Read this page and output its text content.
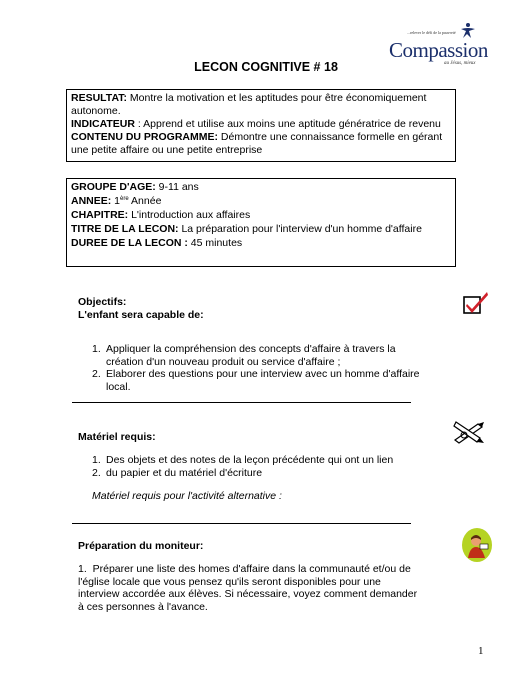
...relever le défi de la pauvreté
Compassion
au Jésus, mieux
LECON COGNITIVE # 18

RESULTAT: Montre la motivation et les aptitudes pour être économiquement autonome.

INDICATEUR : Apprend et utilise aux moins une aptitude génératrice de revenu

CONTENU DU PROGRAMME: Démontre une connaissance formelle en gérant une petite affaire ou une petite entreprise

GROUPE D'AGE: 9-11 ans

ANNEE: 1ère Année

CHAPITRE: L'introduction aux affaires

TITRE DE LA LECON: La préparation pour l'interview d'un homme d'affaire

DUREE DE LA LECON : 45 minutes

Objectifs:
L'enfant sera capable de:
1. Appliquer la compréhension des concepts d'affaire à travers la création d'un nouveau produit ou service d'affaire ;
2. Elaborer des questions pour une interview avec un homme d'affaire local.
Matériel requis:
1. Des objets et des notes de la leçon précédente qui ont un lien
2. du papier et du matériel d'écriture
Matériel requis pour l'activité alternative :
Préparation du moniteur:
1. Préparer une liste des homes d'affaire dans la communauté et/ou de l'église locale que vous pensez qu'ils seront disponibles pour une interview accordée aux élèves. Si nécessaire, voyez comment demander à ces personnes à l'avance.
1
